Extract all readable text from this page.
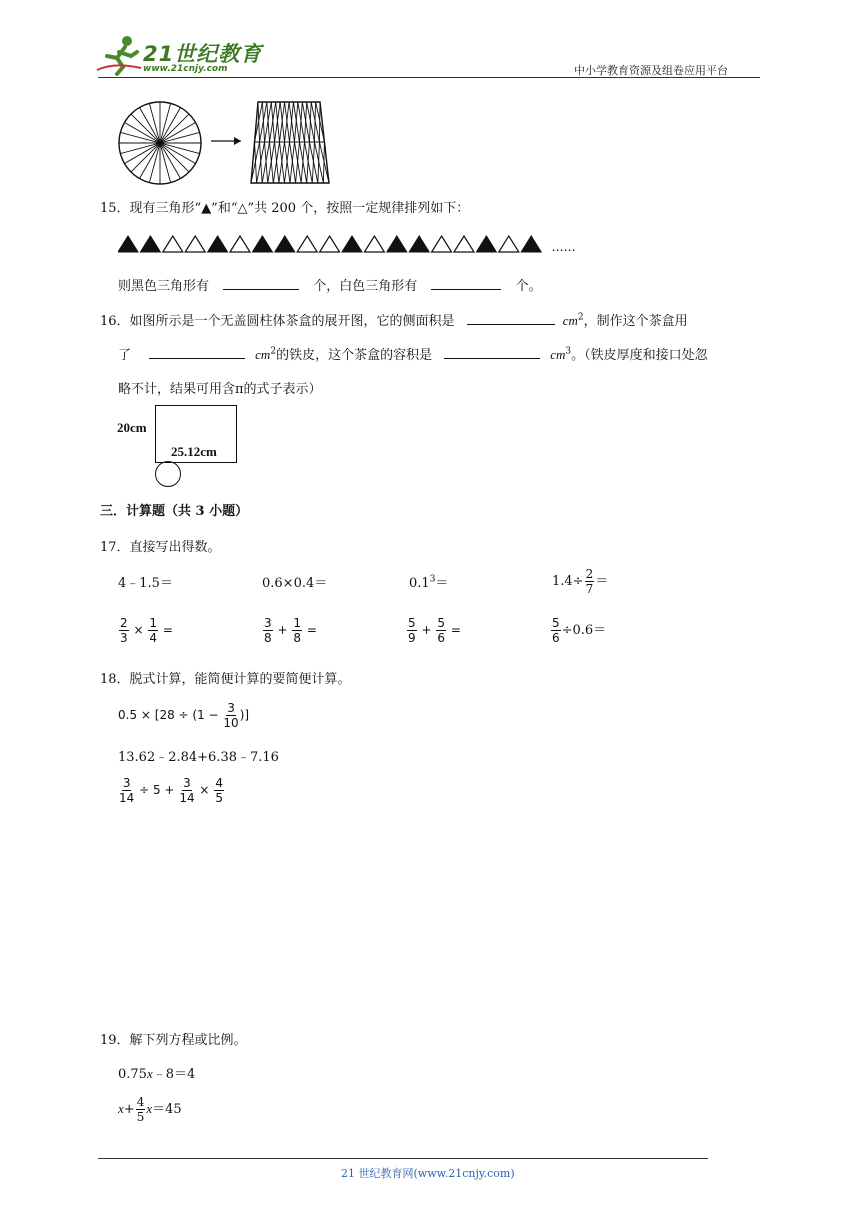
21世纪教育
www.21cnjy.com	中小学教育资源及组卷应用平台
15．现有三角形“▲”和“△”共 200 个，按照一定规律排列如下：
……
则黑色三角形有	个，白色三角形有	个。
16．如图所示是一个无盖圆柱体茶盒的展开图，它的侧面积是	$cm^2$，制作这个茶盒用
了	$cm^2$的铁皮，这个茶盒的容积是	$cm^3$。（铁皮厚度和接口处忽
略不计，结果可用含π的式子表示）
20cm
25.12cm
三．计算题（共 3 小题）
17．直接写出得数。
4﹣1.5＝	0.6×0.4＝	$0.1^3=$	$1.4\div \frac{2}{7}$ ＝
$\frac{2}{3} \times \frac{1}{4}$ =	$\frac{3}{8} + \frac{1}{8}$ =	$\frac{5}{9} + \frac{5}{6}$ =	$\frac{5}{6} \div 0.6=$
18．脱式计算，能简便计算的要简便计算。
$0.5 \times [28 \div (1 - \frac{3}{10}$ )]
13.62﹣2.84+6.38﹣7.16
$\frac{3}{14} \div 5 + \frac{3}{14} \times \frac{4}{5}$
19．解下列方程或比例。
0.75x﹣8＝4
$x+ \frac{4}{5} x=45$
21 世纪教育网(www.21cnjy.com)
